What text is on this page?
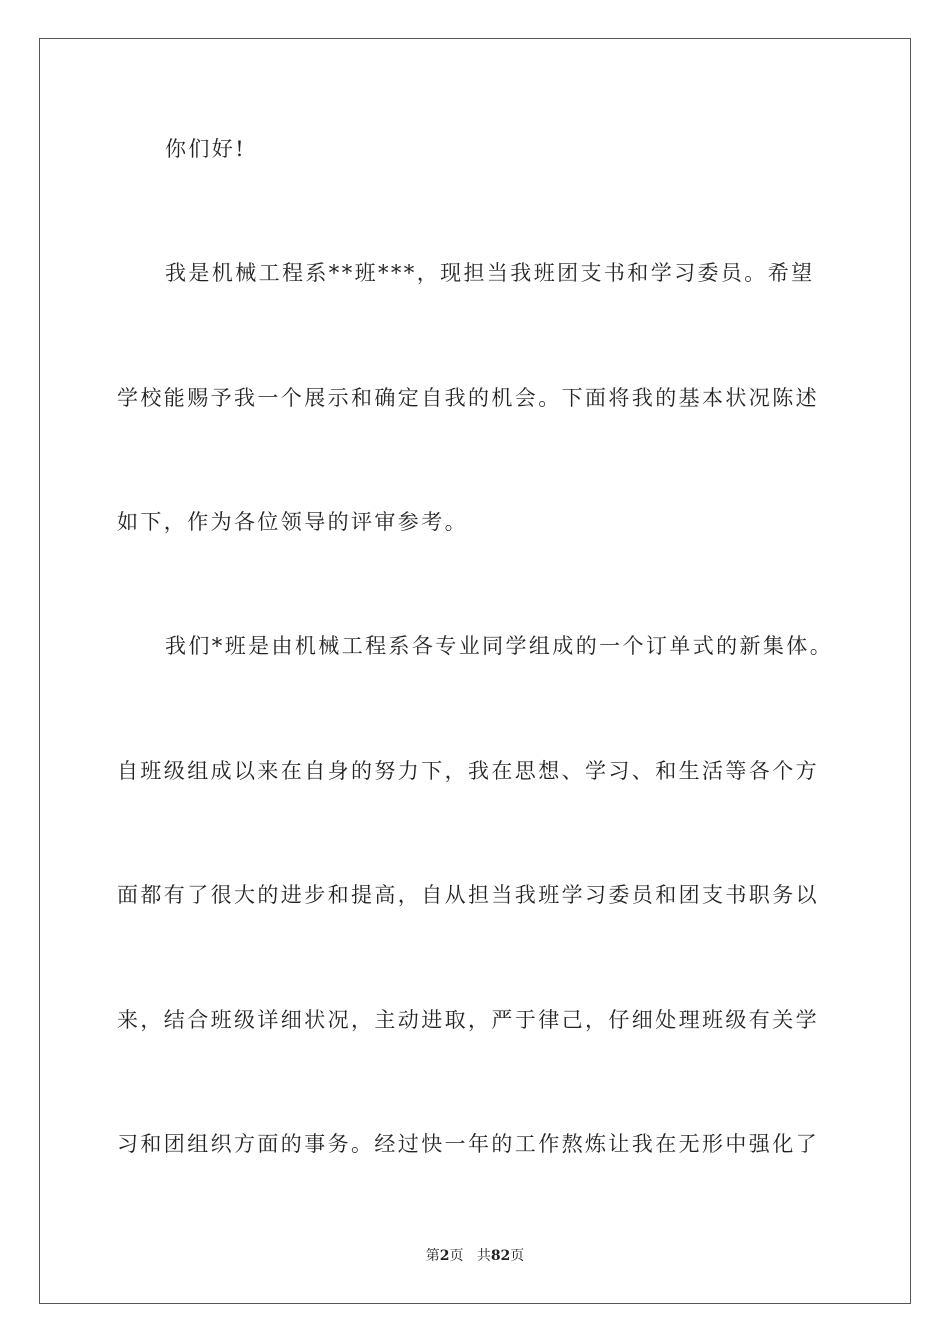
你们好!
我是机械工程系**班***，现担当我班团支书和学习委员。希望
学校能赐予我一个展示和确定自我的机会。下面将我的基本状况陈述
如下，作为各位领导的评审参考。
我们*班是由机械工程系各专业同学组成的一个订单式的新集体。
自班级组成以来在自身的努力下，我在思想、学习、和生活等各个方
面都有了很大的进步和提高，自从担当我班学习委员和团支书职务以
来，结合班级详细状况，主动进取，严于律己，仔细处理班级有关学
习和团组织方面的事务。经过快一年的工作熬炼让我在无形中强化了
第2页 共82页
